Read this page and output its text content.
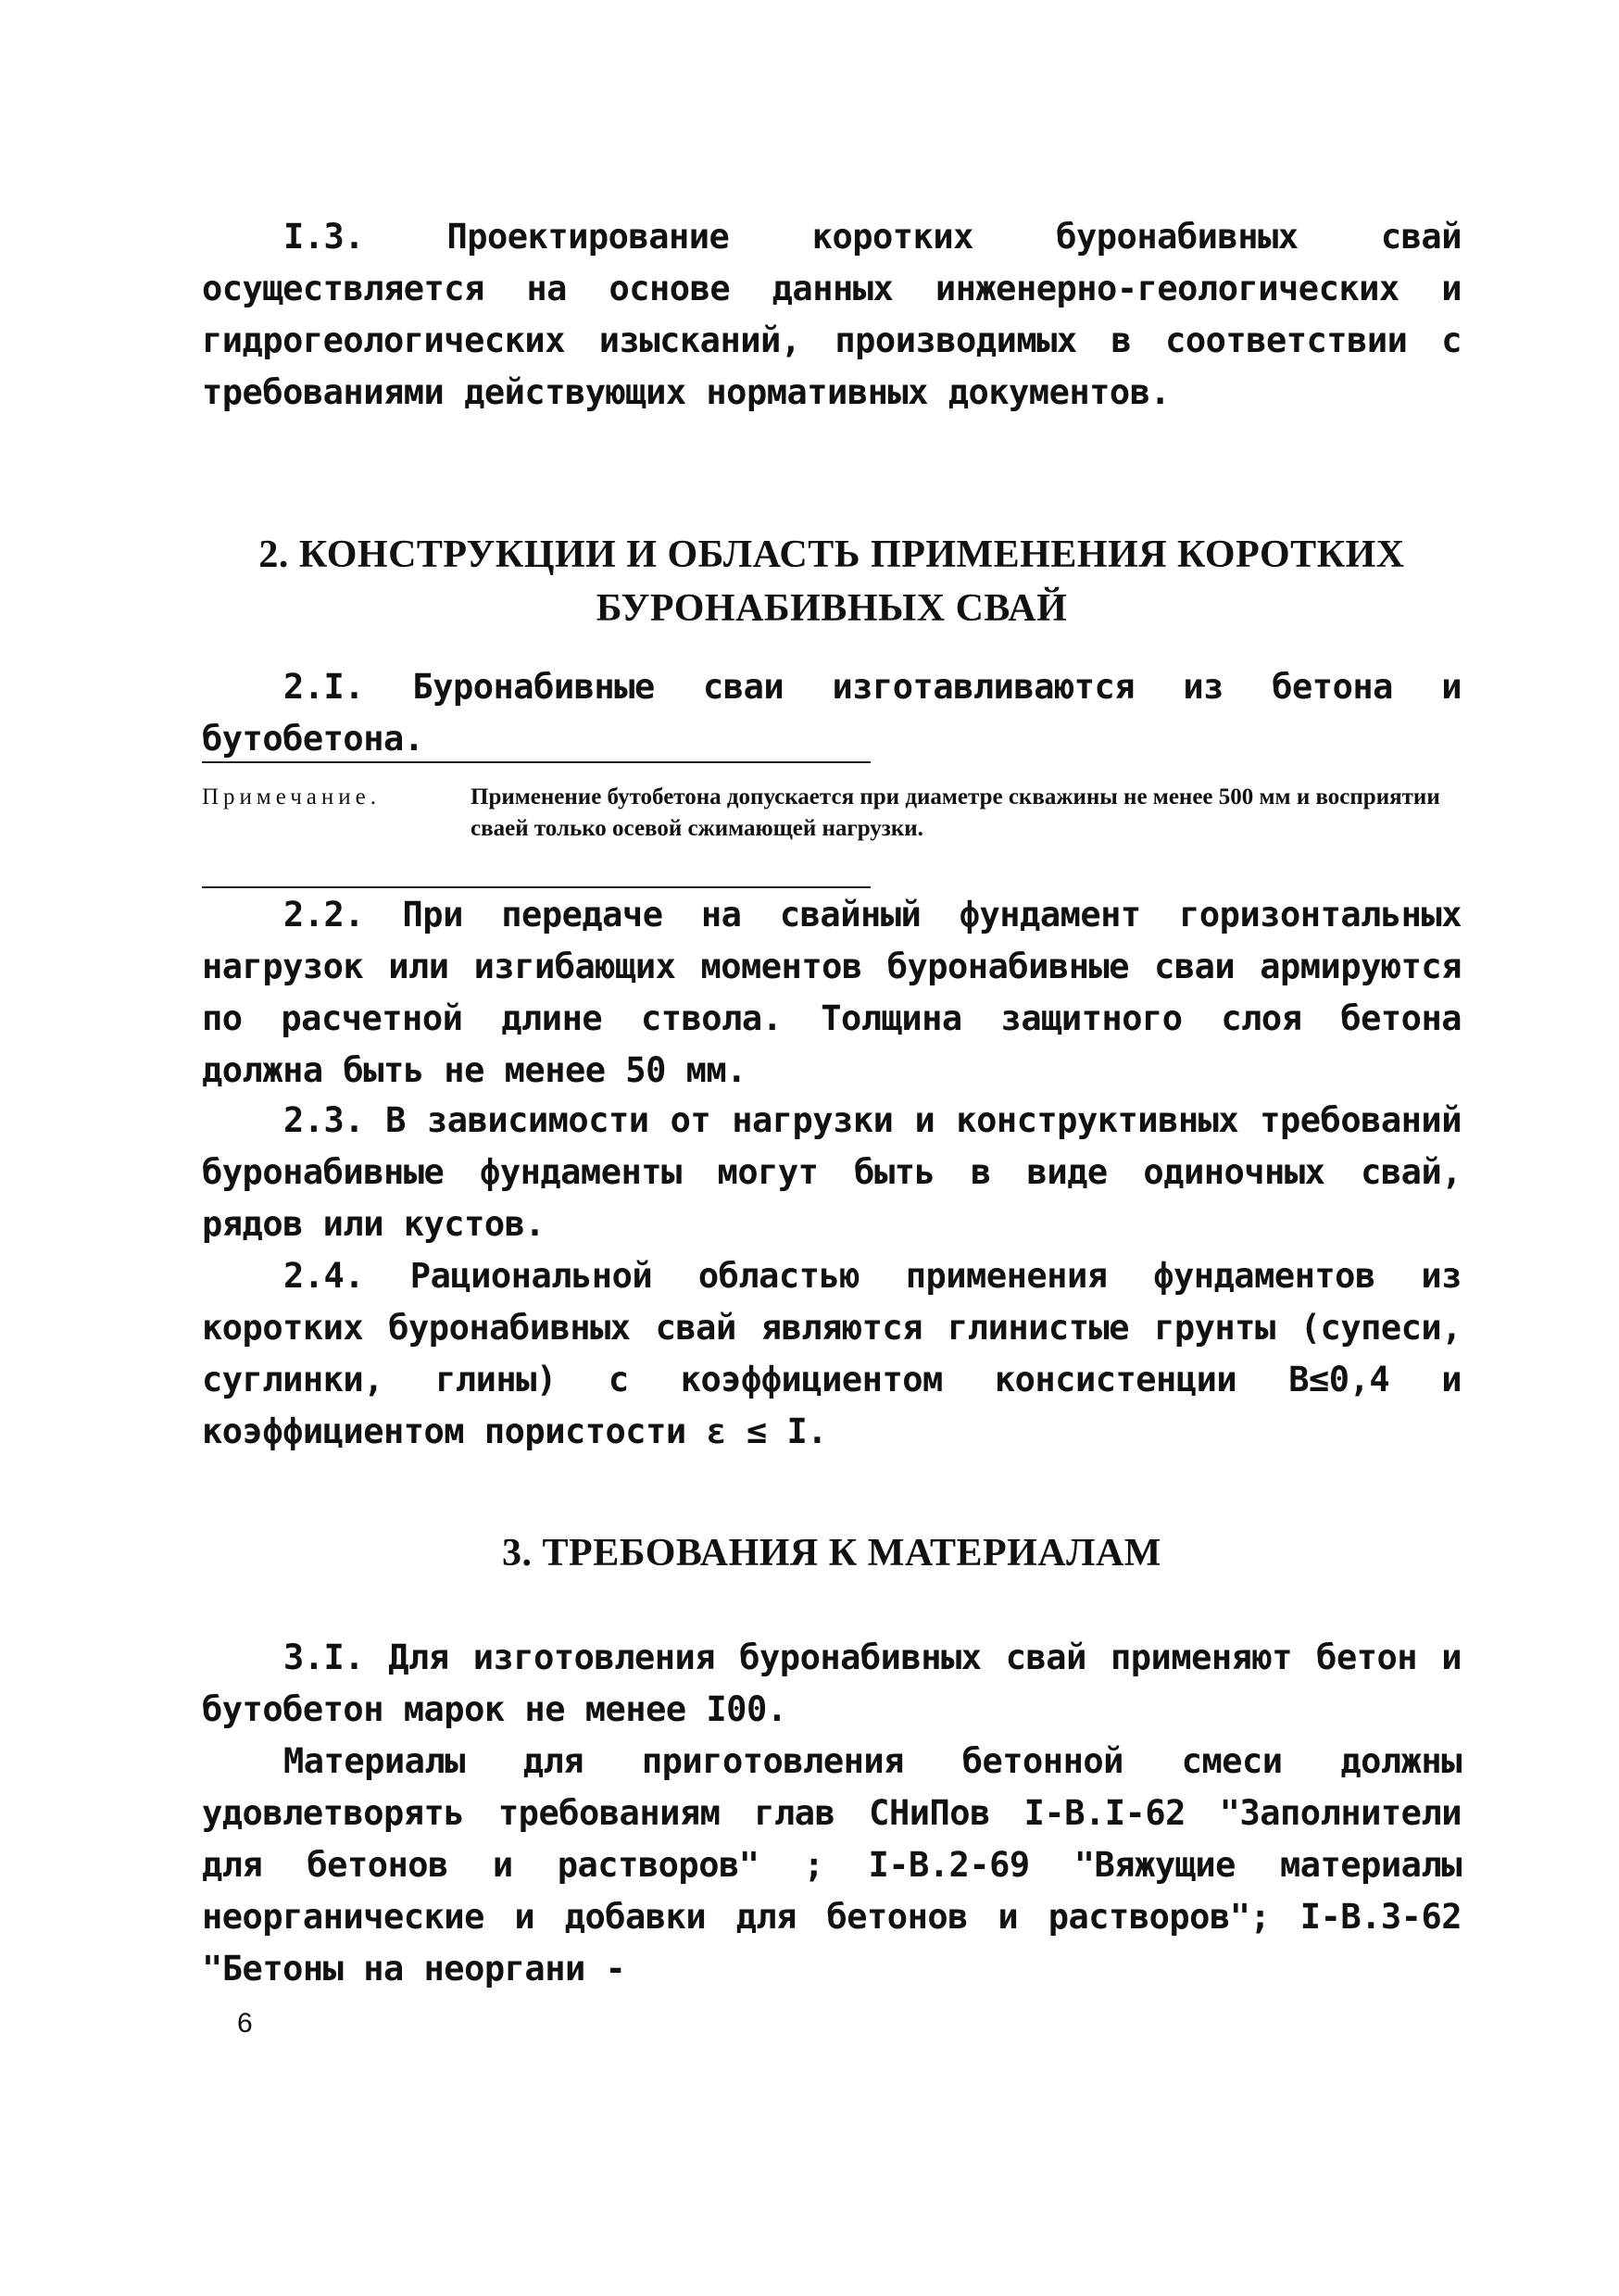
I.3. Проектирование коротких буронабивных свай осуществляется на основе данных инженерно-геологических и гидрогеологических изысканий, производимых в соответствии с требованиями действующих нормативных документов.

2. КОНСТРУКЦИИ И ОБЛАСТЬ ПРИМЕНЕНИЯ КОРОТКИХ БУРОНАБИВНЫХ СВАЙ

2.I. Буронабивные сваи изготавливаются из бетона и бутобетона.

Примечание.	Применение бутобетона допускается при диаметре скважины не менее 500 мм и восприятии сваей только осевой сжимающей нагрузки.

2.2. При передаче на свайный фундамент горизонтальных нагрузок или изгибающих моментов буронабивные сваи армируются по расчетной длине ствола. Толщина защитного слоя бетона должна быть не менее 50 мм.

2.3. В зависимости от нагрузки и конструктивных требований буронабивные фундаменты могут быть в виде одиночных свай, рядов или кустов.

2.4. Рациональной областью применения фундаментов из коротких буронабивных свай являются глинистые грунты (супеси, суглинки, глины) с коэффициентом консистенции B≤0,4 и коэффициентом пористости ε ≤ I.

3. ТРЕБОВАНИЯ К МАТЕРИАЛАМ

3.I. Для изготовления буронабивных свай применяют бетон и бутобетон марок не менее I00.

Материалы для приготовления бетонной смеси должны удовлетворять требованиям глав СНиПов I-B.I-62 "Заполнители для бетонов и растворов" ; I-B.2-69 "Вяжущие материалы неорганические и добавки для бетонов и растворов"; I-B.3-62 "Бетоны на неоргани -

6
